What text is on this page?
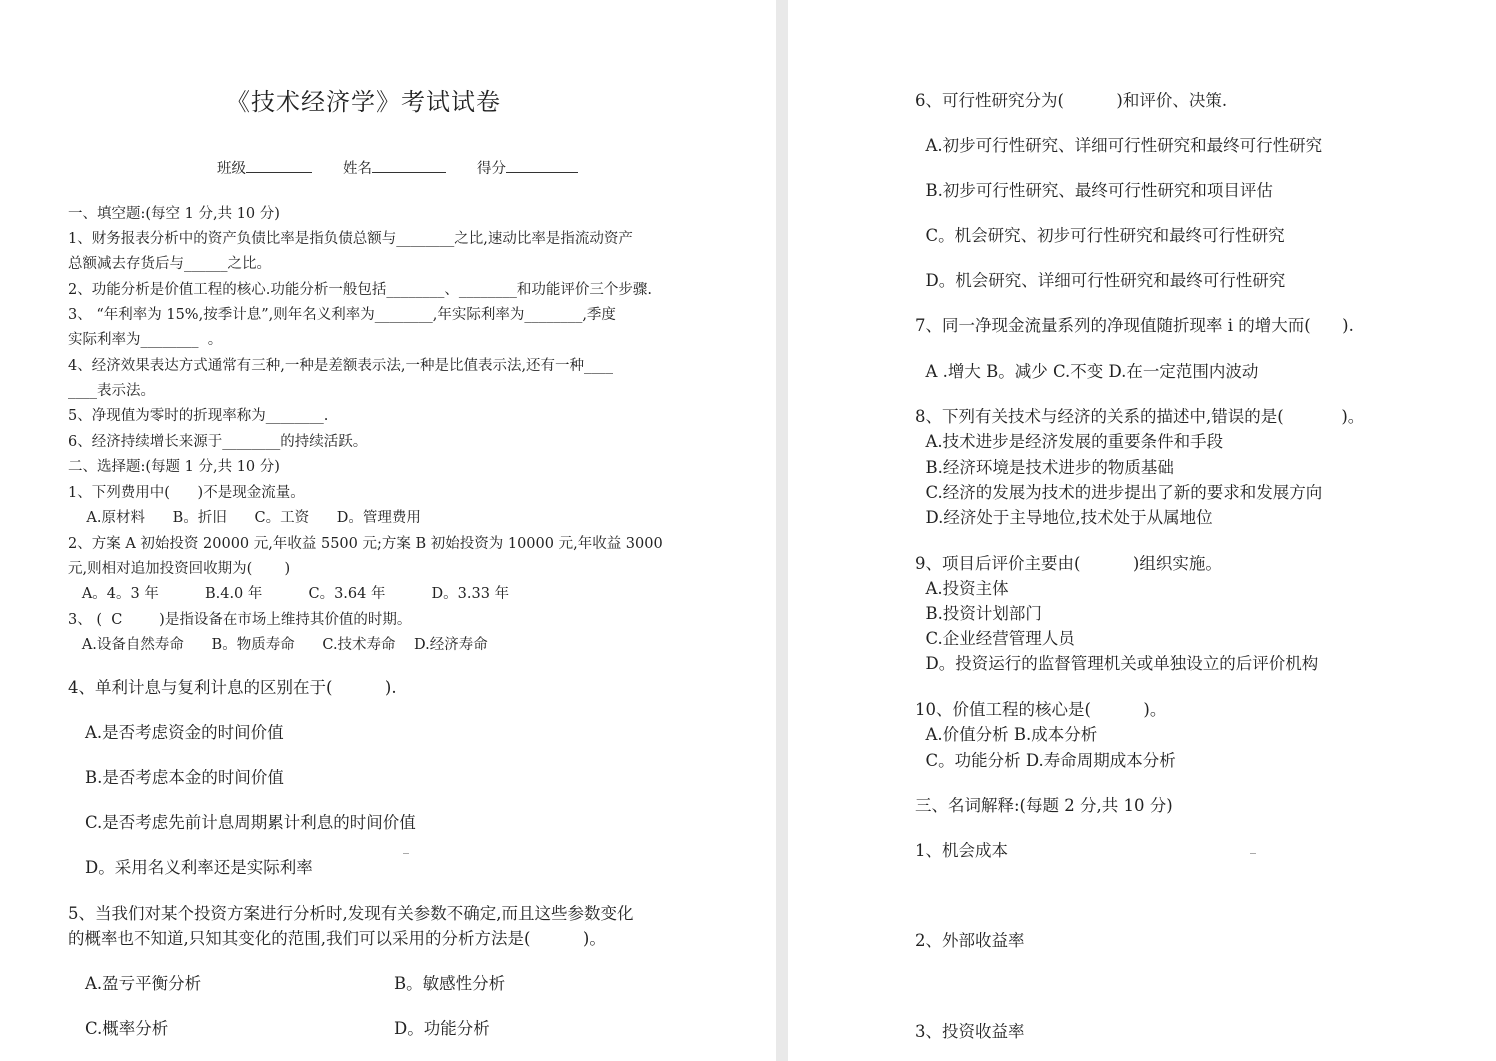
《技术经济学》考试试卷
班级	姓名	得分
一、填空题:(每空 1 分,共 10 分)
1、财务报表分析中的资产负债比率是指负债总额与________之比,速动比率是指流动资产
总额减去存货后与______之比。
2、功能分析是价值工程的核心.功能分析一般包括________、________和功能评价三个步骤.
3、 “年利率为 15%,按季计息”,则年名义利率为________,年实际利率为________,季度
实际利率为________  。
4、经济效果表达方式通常有三种,一种是差额表示法,一种是比值表示法,还有一种____
____表示法。
5、净现值为零时的折现率称为________.
6、经济持续增长来源于________的持续活跃。
二、选择题:(每题 1 分,共 10 分)
1、下列费用中(      )不是现金流量。
A.原材料      B。折旧      C。工资      D。管理费用
2、方案 A 初始投资 20000 元,年收益 5500 元;方案 B 初始投资为 10000 元,年收益 3000
元,则相对追加投资回收期为(       )
A。4。3 年          B.4.0 年          C。3.64 年          D。3.33 年
3、 (  C        )是指设备在市场上维持其价值的时期。
A.设备自然寿命      B。物质寿命      C.技术寿命    D.经济寿命
4、单利计息与复利计息的区别在于(          ).
A.是否考虑资金的时间价值
B.是否考虑本金的时间价值
C.是否考虑先前计息周期累计利息的时间价值
D。采用名义利率还是实际利率
5、当我们对某个投资方案进行分析时,发现有关参数不确定,而且这些参数变化
的概率也不知道,只知其变化的范围,我们可以采用的分析方法是(          )。
A.盈亏平衡分析	B。敏感性分析
C.概率分析	D。功能分析
6、可行性研究分为(          )和评价、决策.
A.初步可行性研究、详细可行性研究和最终可行性研究
B.初步可行性研究、最终可行性研究和项目评估
C。机会研究、初步可行性研究和最终可行性研究
D。机会研究、详细可行性研究和最终可行性研究
7、同一净现金流量系列的净现值随折现率 i 的增大而(      ).
A .增大 B。减少 C.不变 D.在一定范围内波动
8、下列有关技术与经济的关系的描述中,错误的是(           )。
A.技术进步是经济发展的重要条件和手段
B.经济环境是技术进步的物质基础
C.经济的发展为技术的进步提出了新的要求和发展方向
D.经济处于主导地位,技术处于从属地位
9、项目后评价主要由(          )组织实施。
A.投资主体
B.投资计划部门
C.企业经营管理人员
D。投资运行的监督管理机关或单独设立的后评价机构
10、价值工程的核心是(          )。
A.价值分析 B.成本分析
C。功能分析 D.寿命周期成本分析
三、名词解释:(每题 2 分,共 10 分)
1、机会成本
2、外部收益率
3、投资收益率
